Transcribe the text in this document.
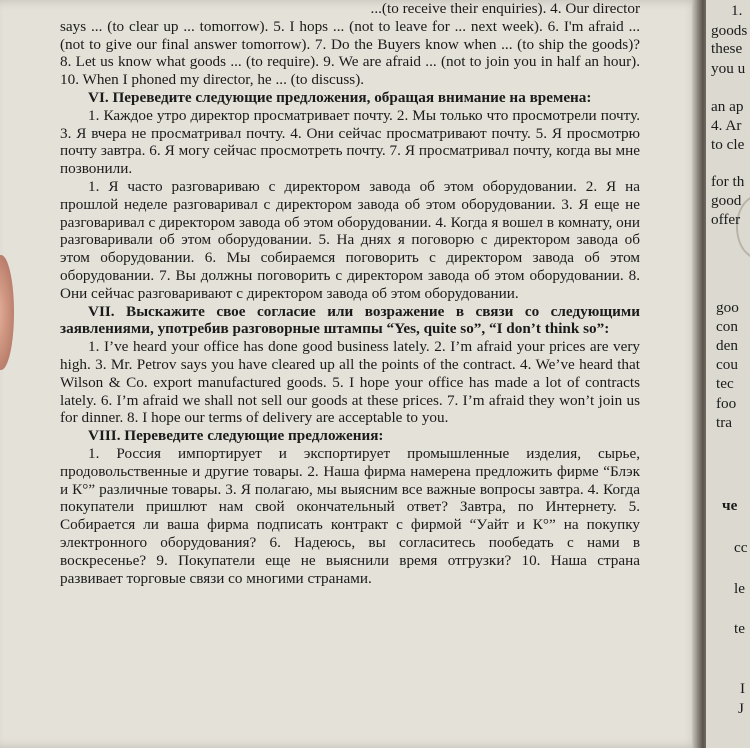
...(to receive their enquiries). 4. Our director

says ... (to clear up ... tomorrow). 5. I hops ... (not to leave for ... next week). 6. I'm afraid ... (not to give our final answer tomorrow). 7. Do the Buyers know when ... (to ship the goods)? 8. Let us know what goods ... (to require). 9. We are afraid ... (not to join you in half an hour). 10. When I phoned my director, he ... (to discuss).

VI. Переведите следующие предложения, обращая внимание на времена:

1. Каждое утро директор просматривает почту. 2. Мы только что просмотрели почту. 3. Я вчера не просматривал почту. 4. Они сейчас просматривают почту. 5. Я просмотрю почту завтра. 6. Я могу сейчас просмотреть почту. 7. Я просматривал почту, когда вы мне позвонили.

1. Я часто разговариваю с директором завода об этом оборудовании. 2. Я на прошлой неделе разговаривал с директором завода об этом оборудовании. 3. Я еще не разговаривал с директором завода об этом оборудовании. 4. Когда я вошел в комнату, они разговаривали об этом оборудовании. 5. На днях я поговорю с директором завода об этом оборудовании. 6. Мы собираемся поговорить с директором завода об этом оборудовании. 7. Вы должны поговорить с директором завода об этом оборудовании. 8. Они сейчас разговаривают с директором завода об этом оборудовании.

VII. Выскажите свое согласие или возражение в связи со следующими заявлениями, употребив разговорные штампы “Yes, quite so”, “I don’t think so”:

1. I’ve heard your office has done good business lately. 2. I’m afraid your prices are very high. 3. Mr. Petrov says you have cleared up all the points of the contract. 4. We’ve heard that Wilson & Co. export manufactured goods. 5. I hope your office has made a lot of contracts lately. 6. I’m afraid we shall not sell our goods at these prices. 7. I’m afraid they won’t join us for dinner. 8. I hope our terms of delivery are acceptable to you.

VIII. Переведите следующие предложения:

1. Россия импортирует и экспортирует промышленные изделия, сырье, продовольственные и другие товары. 2. Наша фирма намерена предложить фирме “Блэк и К°” различные товары. 3. Я полагаю, мы выясним все важные вопросы завтра. 4. Когда покупатели пришлют нам свой окончательный ответ? Завтра, по Интернету. 5. Собирается ли ваша фирма подписать контракт с фирмой “Уайт и К°” на покупку электронного оборудования? 6. Надеюсь, вы согласитесь пообедать с нами в воскресенье? 9. Покупатели еще не выяснили время отгрузки? 10. Наша страна развивает торговые связи со многими странами.

1.
goods
these
you u
an ap
4. Ar
to cle
for th
good
offer
goo
con
den
cou
tec
foo
tra
че
cc
le
te
I
J
